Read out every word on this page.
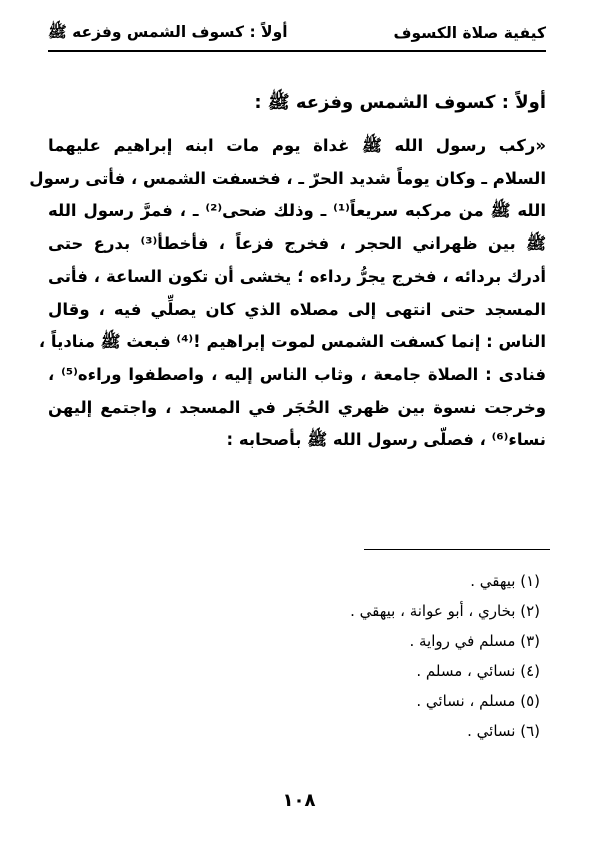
كيفية صلاة الكسوف
أولاً : كسوف الشمس وفزعه ﷺ
أولاً : كسوف الشمس وفزعه ﷺ :
«ركب رسول الله ﷺ غداة يوم مات ابنه إبراهيم عليهما
السلام ـ وكان يوماً شديد الحرّ ـ ، فخسفت الشمس ، فأتى رسول
الله ﷺ من مركبه سريعاً⁽¹⁾ ـ وذلك ضحى⁽²⁾ ـ ، فمرَّ رسول الله
ﷺ بين ظهراني الحجر ، فخرج فزعاً ، فأخطأ⁽³⁾ بدرع حتى
أدرك بردائه ، فخرج يجرُّ رداءه ؛ يخشى أن تكون الساعة ، فأتى
المسجد حتى انتهى إلى مصلاه الذي كان يصلِّي فيه ، وقال
الناس : إنما كسفت الشمس لموت إبراهيم !⁽⁴⁾ فبعث ﷺ منادياً ،
فنادى : الصلاة جامعة ، وثاب الناس إليه ، واصطفوا وراءه⁽⁵⁾ ،
وخرجت نسوة بين ظهري الحُجَر في المسجد ، واجتمع إليهن
نساء⁽⁶⁾ ، فصلّى رسول الله ﷺ بأصحابه :
(١) بيهقي .
(٢) بخاري ، أبو عوانة ، بيهقي .
(٣) مسلم في رواية .
(٤) نسائي ، مسلم .
(٥) مسلم ، نسائي .
(٦) نسائي .
١٠٨
